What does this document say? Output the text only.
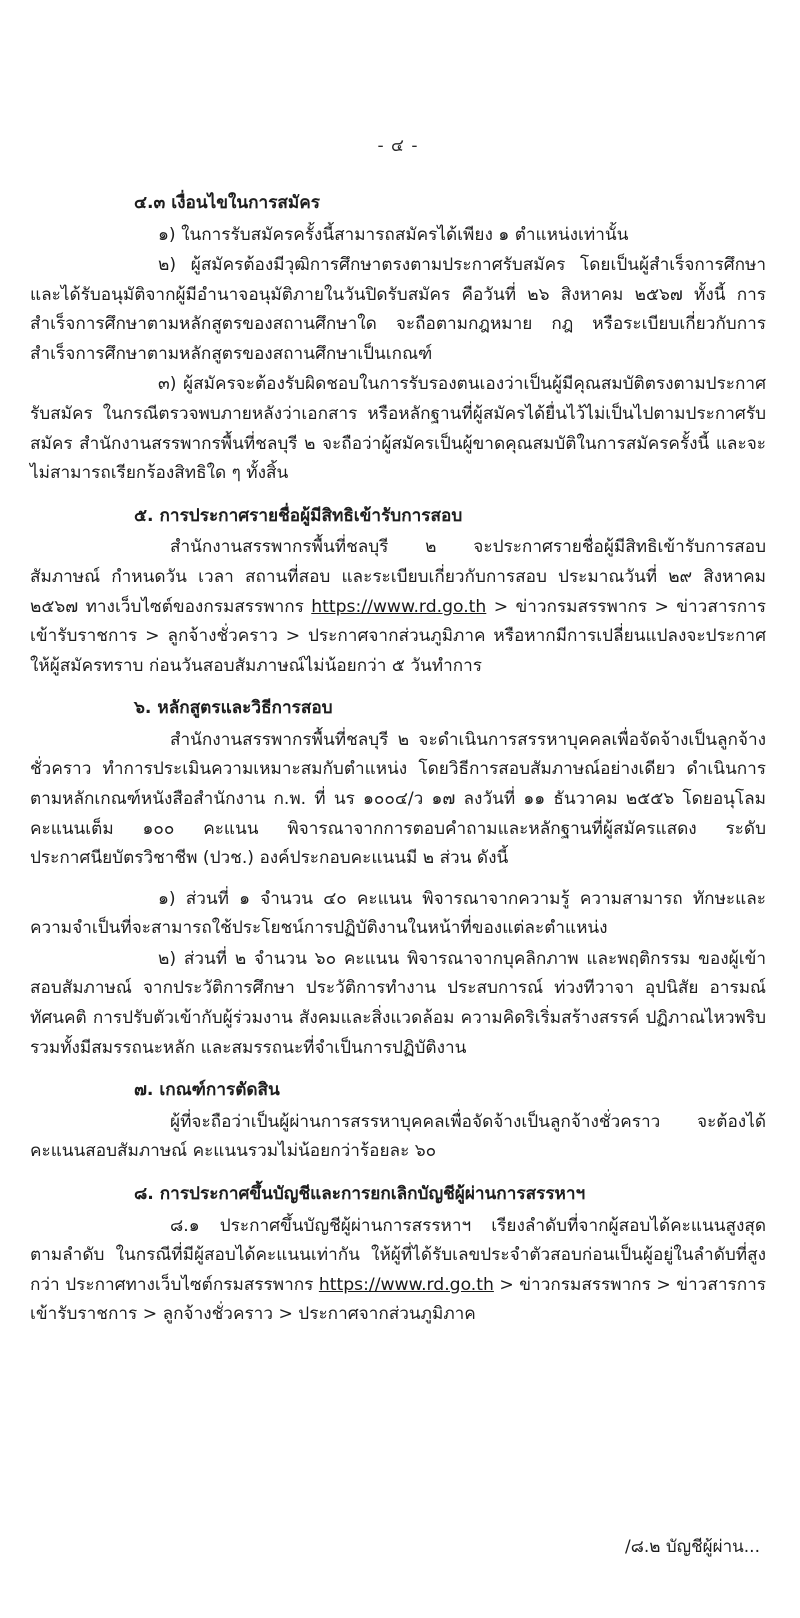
- ๔ -

๔.๓ เงื่อนไขในการสมัคร

๑) ในการรับสมัครครั้งนี้สามารถสมัครได้เพียง ๑ ตำแหน่งเท่านั้น

๒) ผู้สมัครต้องมีวุฒิการศึกษาตรงตามประกาศรับสมัคร โดยเป็นผู้สำเร็จการศึกษา และได้รับอนุมัติจากผู้มีอำนาจอนุมัติภายในวันปิดรับสมัคร คือวันที่ ๒๖ สิงหาคม ๒๕๖๗ ทั้งนี้ การสำเร็จการศึกษาตามหลักสูตรของสถานศึกษาใด จะถือตามกฎหมาย กฎ หรือระเบียบเกี่ยวกับการสำเร็จการศึกษาตามหลักสูตรของสถานศึกษาเป็นเกณฑ์

๓) ผู้สมัครจะต้องรับผิดชอบในการรับรองตนเองว่าเป็นผู้มีคุณสมบัติตรงตามประกาศรับสมัคร ในกรณีตรวจพบภายหลังว่าเอกสาร หรือหลักฐานที่ผู้สมัครได้ยื่นไว้ไม่เป็นไปตามประกาศรับสมัคร สำนักงานสรรพากรพื้นที่ชลบุรี ๒ จะถือว่าผู้สมัครเป็นผู้ขาดคุณสมบัติในการสมัครครั้งนี้ และจะไม่สามารถเรียกร้องสิทธิใด ๆ ทั้งสิ้น

๕. การประกาศรายชื่อผู้มีสิทธิเข้ารับการสอบ

สำนักงานสรรพากรพื้นที่ชลบุรี ๒ จะประกาศรายชื่อผู้มีสิทธิเข้ารับการสอบสัมภาษณ์ กำหนดวัน เวลา สถานที่สอบ และระเบียบเกี่ยวกับการสอบ ประมาณวันที่ ๒๙ สิงหาคม ๒๕๖๗ ทางเว็บไซต์ของกรมสรรพากร https://www.rd.go.th > ข่าวกรมสรรพากร > ข่าวสารการเข้ารับราชการ > ลูกจ้างชั่วคราว > ประกาศจากส่วนภูมิภาค หรือหากมีการเปลี่ยนแปลงจะประกาศให้ผู้สมัครทราบ ก่อนวันสอบสัมภาษณ์ไม่น้อยกว่า ๕ วันทำการ

๖. หลักสูตรและวิธีการสอบ

สำนักงานสรรพากรพื้นที่ชลบุรี ๒ จะดำเนินการสรรหาบุคคลเพื่อจัดจ้างเป็นลูกจ้างชั่วคราว ทำการประเมินความเหมาะสมกับตำแหน่ง โดยวิธีการสอบสัมภาษณ์อย่างเดียว ดำเนินการตามหลักเกณฑ์หนังสือสำนักงาน ก.พ. ที่ นร ๑๐๐๔/ว ๑๗ ลงวันที่ ๑๑ ธันวาคม ๒๕๕๖ โดยอนุโลม คะแนนเต็ม ๑๐๐ คะแนน พิจารณาจากการตอบคำถามและหลักฐานที่ผู้สมัครแสดง ระดับประกาศนียบัตรวิชาชีพ (ปวช.) องค์ประกอบคะแนนมี ๒ ส่วน ดังนี้

๑) ส่วนที่ ๑ จำนวน ๔๐ คะแนน พิจารณาจากความรู้ ความสามารถ ทักษะและความจำเป็นที่จะสามารถใช้ประโยชน์การปฏิบัติงานในหน้าที่ของแต่ละตำแหน่ง

๒) ส่วนที่ ๒ จำนวน ๖๐ คะแนน พิจารณาจากบุคลิกภาพ และพฤติกรรม ของผู้เข้าสอบสัมภาษณ์ จากประวัติการศึกษา ประวัติการทำงาน ประสบการณ์ ท่วงทีวาจา อุปนิสัย อารมณ์ ทัศนคติ การปรับตัวเข้ากับผู้ร่วมงาน สังคมและสิ่งแวดล้อม ความคิดริเริ่มสร้างสรรค์ ปฏิภาณไหวพริบ รวมทั้งมีสมรรถนะหลัก และสมรรถนะที่จำเป็นการปฏิบัติงาน

๗. เกณฑ์การตัดสิน

ผู้ที่จะถือว่าเป็นผู้ผ่านการสรรหาบุคคลเพื่อจัดจ้างเป็นลูกจ้างชั่วคราว จะต้องได้คะแนนสอบสัมภาษณ์ คะแนนรวมไม่น้อยกว่าร้อยละ ๖๐

๘. การประกาศขึ้นบัญชีและการยกเลิกบัญชีผู้ผ่านการสรรหาฯ

๘.๑ ประกาศขึ้นบัญชีผู้ผ่านการสรรหาฯ เรียงลำดับที่จากผู้สอบได้คะแนนสูงสุดตามลำดับ ในกรณีที่มีผู้สอบได้คะแนนเท่ากัน ให้ผู้ที่ได้รับเลขประจำตัวสอบก่อนเป็นผู้อยู่ในลำดับที่สูงกว่า ประกาศทางเว็บไซต์กรมสรรพากร https://www.rd.go.th > ข่าวกรมสรรพากร > ข่าวสารการเข้ารับราชการ > ลูกจ้างชั่วคราว > ประกาศจากส่วนภูมิภาค

/๘.๒ บัญชีผู้ผ่าน...
